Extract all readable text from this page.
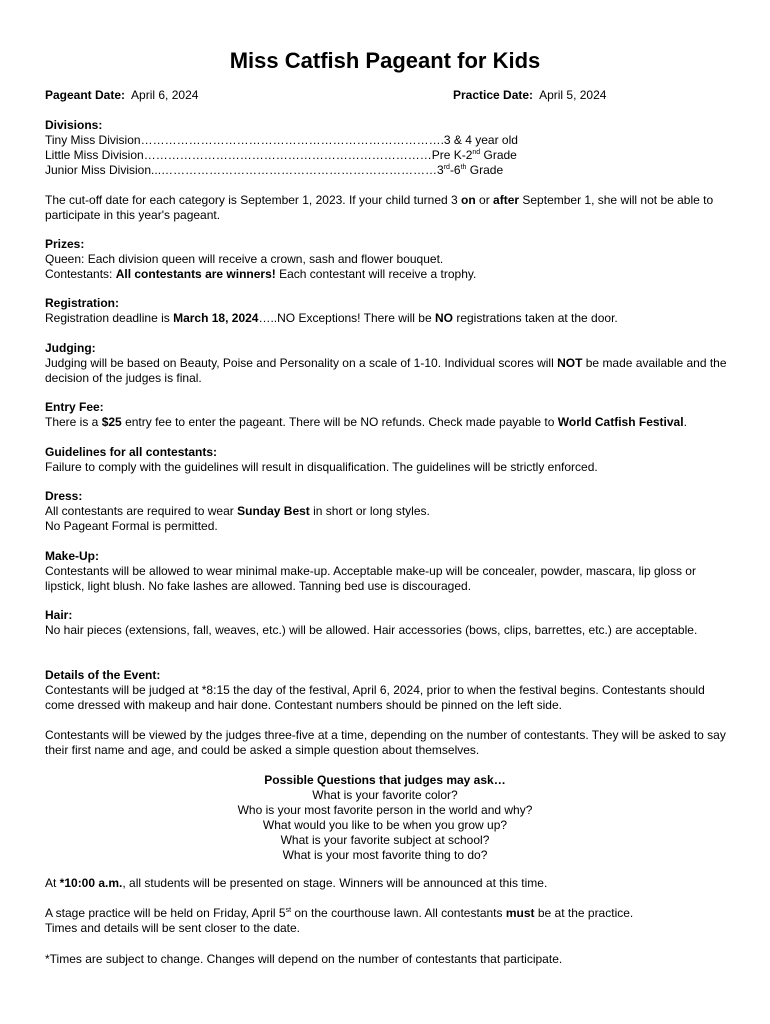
Miss Catfish Pageant for Kids
Pageant Date: April 6, 2024	Practice Date: April 5, 2024
Divisions:
Tiny Miss Division………………………………………………………………….3 & 4 year old
Little Miss Division………………………………………………………………Pre K-2nd Grade
Junior Miss Division...……………………………………………………………3rd-6th Grade
The cut-off date for each category is September 1, 2023. If your child turned 3 on or after September 1, she will not be able to participate in this year's pageant.
Prizes:
Queen: Each division queen will receive a crown, sash and flower bouquet.
Contestants: All contestants are winners! Each contestant will receive a trophy.
Registration:
Registration deadline is March 18, 2024…..NO Exceptions! There will be NO registrations taken at the door.
Judging:
Judging will be based on Beauty, Poise and Personality on a scale of 1-10. Individual scores will NOT be made available and the decision of the judges is final.
Entry Fee:
There is a $25 entry fee to enter the pageant. There will be NO refunds. Check made payable to World Catfish Festival.
Guidelines for all contestants:
Failure to comply with the guidelines will result in disqualification. The guidelines will be strictly enforced.
Dress:
All contestants are required to wear Sunday Best in short or long styles.
No Pageant Formal is permitted.
Make-Up:
Contestants will be allowed to wear minimal make-up. Acceptable make-up will be concealer, powder, mascara, lip gloss or lipstick, light blush. No fake lashes are allowed. Tanning bed use is discouraged.
Hair:
No hair pieces (extensions, fall, weaves, etc.) will be allowed. Hair accessories (bows, clips, barrettes, etc.) are acceptable.
Details of the Event:
Contestants will be judged at *8:15 the day of the festival, April 6, 2024, prior to when the festival begins. Contestants should come dressed with makeup and hair done. Contestant numbers should be pinned on the left side.
Contestants will be viewed by the judges three-five at a time, depending on the number of contestants. They will be asked to say their first name and age, and could be asked a simple question about themselves.
Possible Questions that judges may ask…
What is your favorite color?
Who is your most favorite person in the world and why?
What would you like to be when you grow up?
What is your favorite subject at school?
What is your most favorite thing to do?
At *10:00 a.m., all students will be presented on stage. Winners will be announced at this time.
A stage practice will be held on Friday, April 5st on the courthouse lawn. All contestants must be at the practice.
Times and details will be sent closer to the date.
*Times are subject to change. Changes will depend on the number of contestants that participate.
